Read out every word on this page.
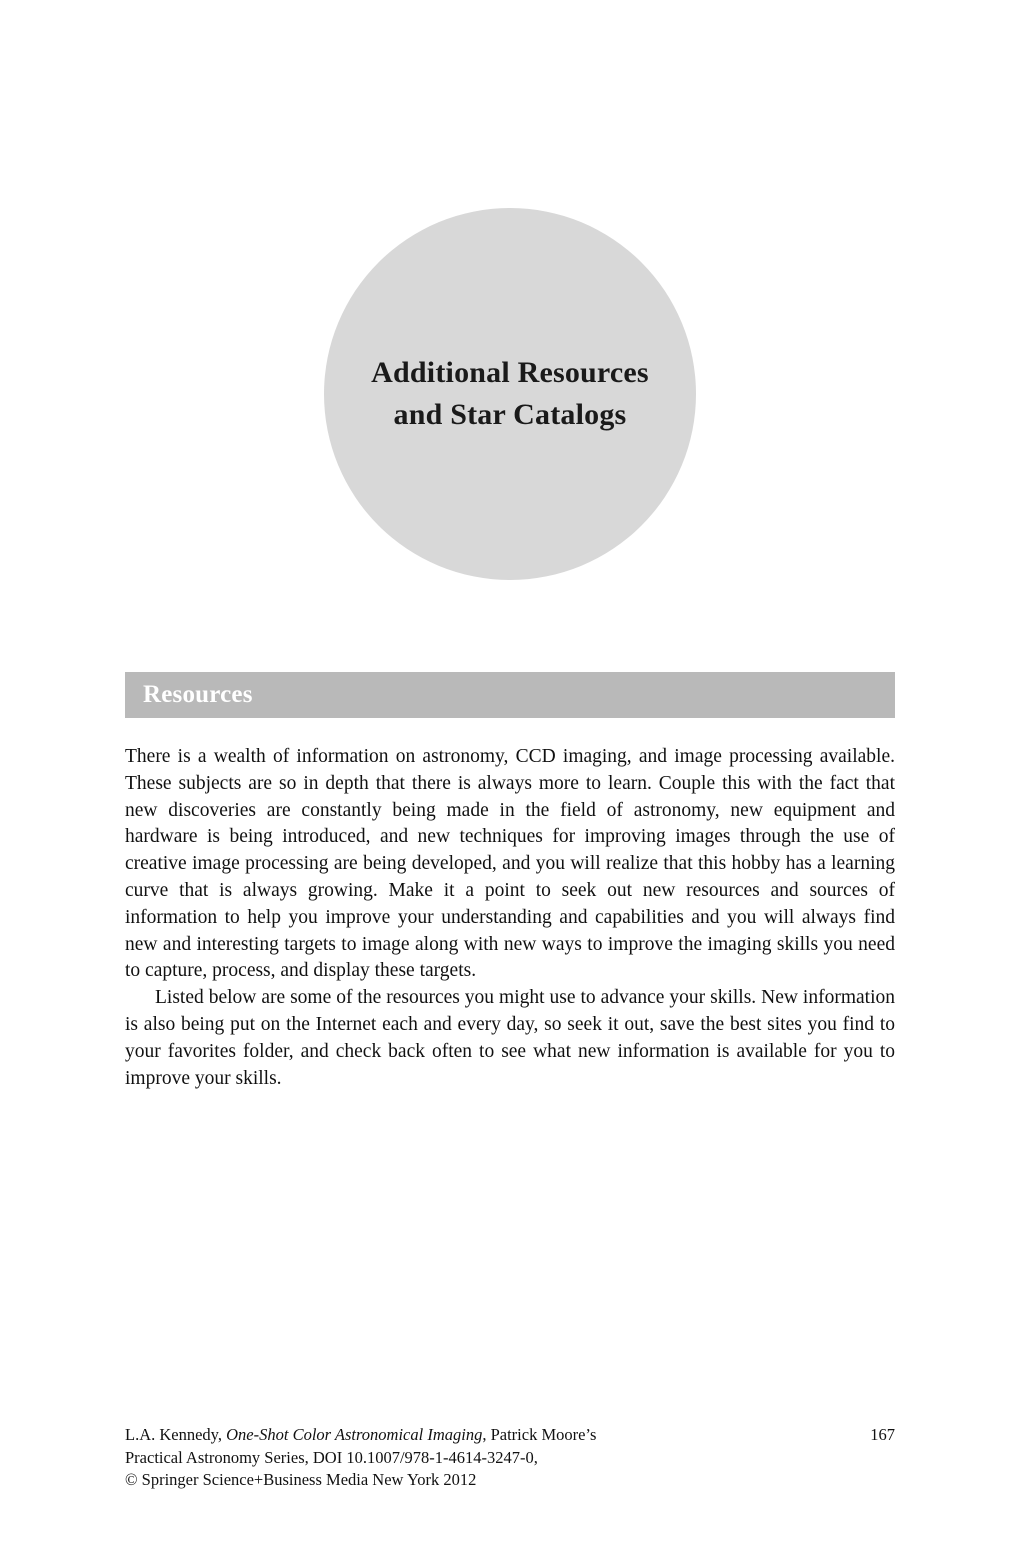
Additional Resources
and Star Catalogs
Resources

There is a wealth of information on astronomy, CCD imaging, and image processing available. These subjects are so in depth that there is always more to learn. Couple this with the fact that new discoveries are constantly being made in the field of astronomy, new equipment and hardware is being introduced, and new techniques for improving images through the use of creative image processing are being developed, and you will realize that this hobby has a learning curve that is always growing. Make it a point to seek out new resources and sources of information to help you improve your understanding and capabilities and you will always find new and interesting targets to image along with new ways to improve the imaging skills you need to capture, process, and display these targets.

Listed below are some of the resources you might use to advance your skills. New information is also being put on the Internet each and every day, so seek it out, save the best sites you find to your favorites folder, and check back often to see what new information is available for you to improve your skills.

L.A. Kennedy, One-Shot Color Astronomical Imaging, Patrick Moore’s	167
Practical Astronomy Series, DOI 10.1007/978-1-4614-3247-0,
© Springer Science+Business Media New York 2012
